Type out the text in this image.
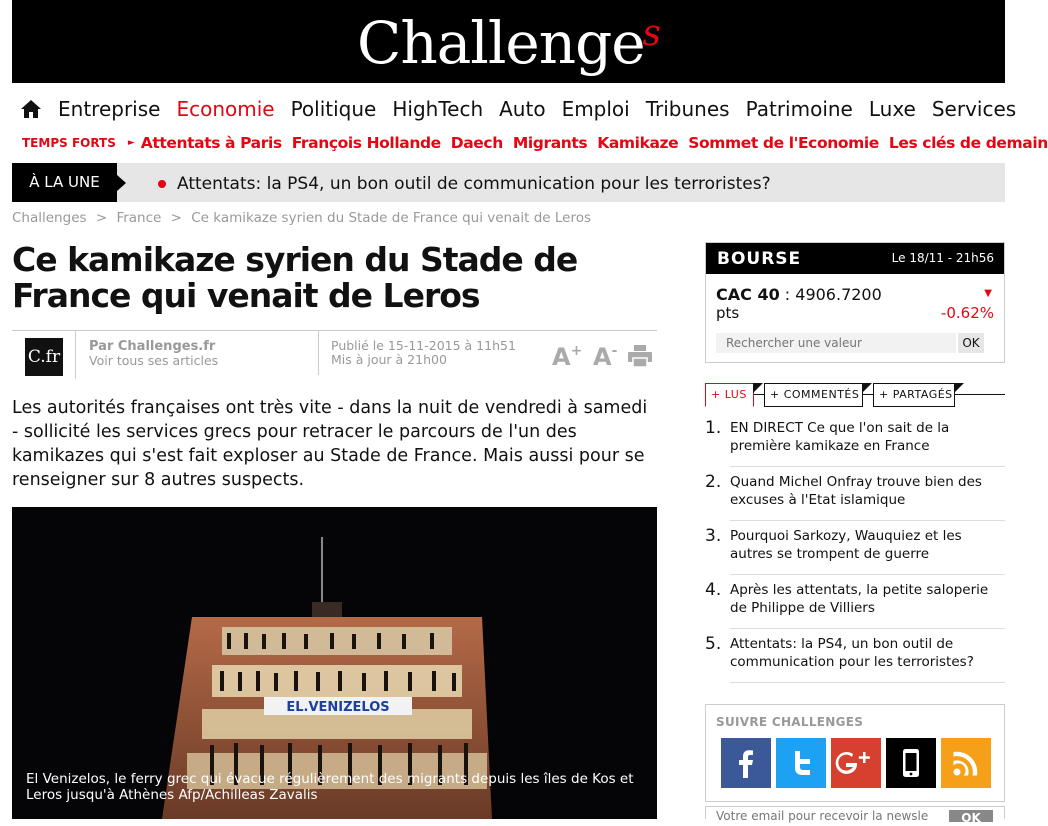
Challenge$^s$
Entreprise Economie Politique HighTech Auto Emploi Tribunes Patrimoine Luxe Services
TEMPS FORTS ► Attentats à Paris François Hollande Daech Migrants Kamikaze Sommet de l'Economie Les clés de demain
À LA UNE	Attentats: la PS4, un bon outil de communication pour les terroristes?
Challenges > France > Ce kamikaze syrien du Stade de France qui venait de Leros
Ce kamikaze syrien du Stade de France qui venait de Leros
C.fr
Par Challenges.fr
Voir tous ses articles
Publié le 15-11-2015 à 11h51
Mis à jour à 21h00	A+ A-

Les autorités françaises ont très vite - dans la nuit de vendredi à samedi - sollicité les services grecs pour retracer le parcours de l'un des kamikazes qui s'est fait exploser au Stade de France. Mais aussi pour se renseigner sur 8 autres suspects.

EL.VENIZELOS
El Venizelos, le ferry grec qui évacue régulièrement des migrants depuis les îles de Kos et Leros jusqu'à Athènes Afp/Achilleas Zavalis
BOURSE	Le 18/11 - 21h56
CAC 40 : 4906.7200
pts
▼
-0.62%
Rechercher une valeur
OK
+ LUS	+ COMMENTÉS	+ PARTAGÉS
1. EN DIRECT Ce que l'on sait de la première kamikaze en France
2. Quand Michel Onfray trouve bien des excuses à l'Etat islamique
3. Pourquoi Sarkozy, Wauquiez et les autres se trompent de guerre
4. Après les attentats, la petite saloperie de Philippe de Villiers
5. Attentats: la PS4, un bon outil de communication pour les terroristes?
SUIVRE CHALLENGES
Votre email pour recevoir la newsle	OK
